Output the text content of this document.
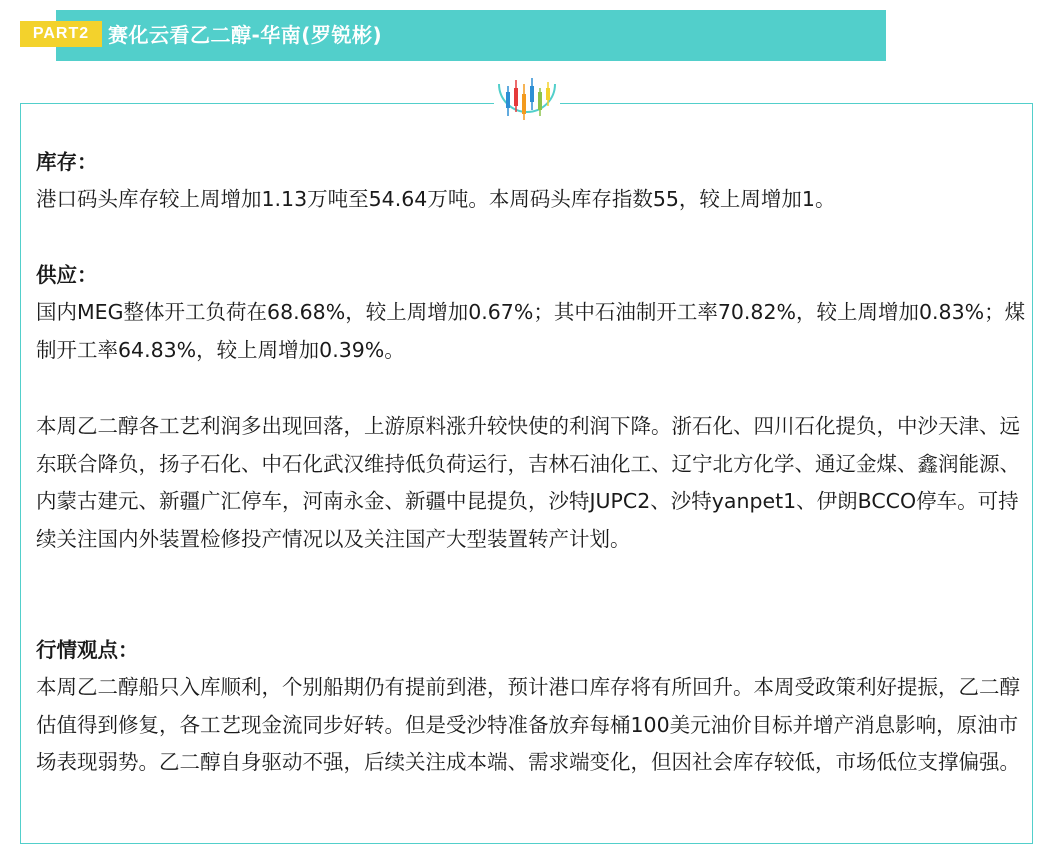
赛化云看乙二醇-华南(罗锐彬)
PART2
库存：
港口码头库存较上周增加1.13万吨至54.64万吨。本周码头库存指数55，较上周增加1。
供应：
国内MEG整体开工负荷在68.68%，较上周增加0.67%；其中石油制开工率70.82%，较上周增加0.83%；煤制开工率64.83%，较上周增加0.39%。
本周乙二醇各工艺利润多出现回落，上游原料涨升较快使的利润下降。浙石化、四川石化提负，中沙天津、远东联合降负，扬子石化、中石化武汉维持低负荷运行，吉林石油化工、辽宁北方化学、通辽金煤、鑫润能源、内蒙古建元、新疆广汇停车，河南永金、新疆中昆提负，沙特JUPC2、沙特yanpet1、伊朗BCCO停车。可持续关注国内外装置检修投产情况以及关注国产大型装置转产计划。
行情观点：
本周乙二醇船只入库顺利，个别船期仍有提前到港，预计港口库存将有所回升。本周受政策利好提振，乙二醇估值得到修复，各工艺现金流同步好转。但是受沙特准备放弃每桶100美元油价目标并增产消息影响，原油市场表现弱势。乙二醇自身驱动不强，后续关注成本端、需求端变化，但因社会库存较低，市场低位支撑偏强。
